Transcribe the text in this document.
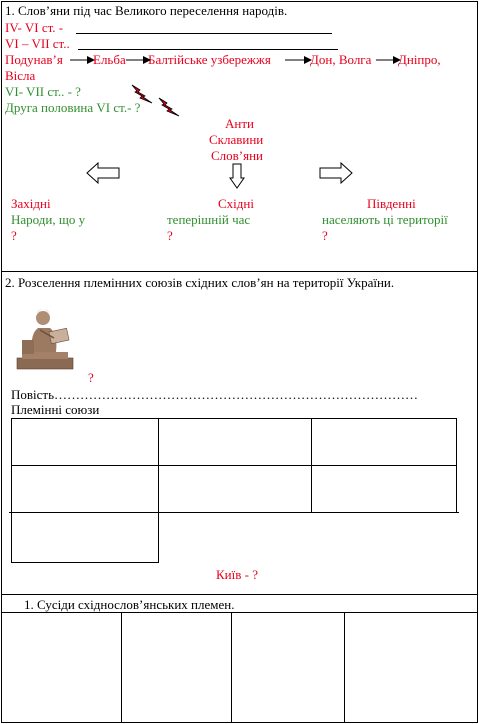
1. Слов’яни під час Великого переселення народів.
IV- VI ст. -
VI – VII ст..
Подунав’я Ельба Балтійське узбережжя	Дон, Волга Дніпро,
Вісла
VI- VII ст.. - ?
Друга половина VI ст.- ?
Анти
Склавини
Слов’яни
Західні
Народи, що у
?
Східні
теперішній час
?
Південні
населяють ці території
?
2. Розселення племінних союзів східних слов’ян на території України.
?
Повість…………………………………………………………………………
Племінні союзи
Київ - ?
1. Сусіди східнослов’янських племен.
